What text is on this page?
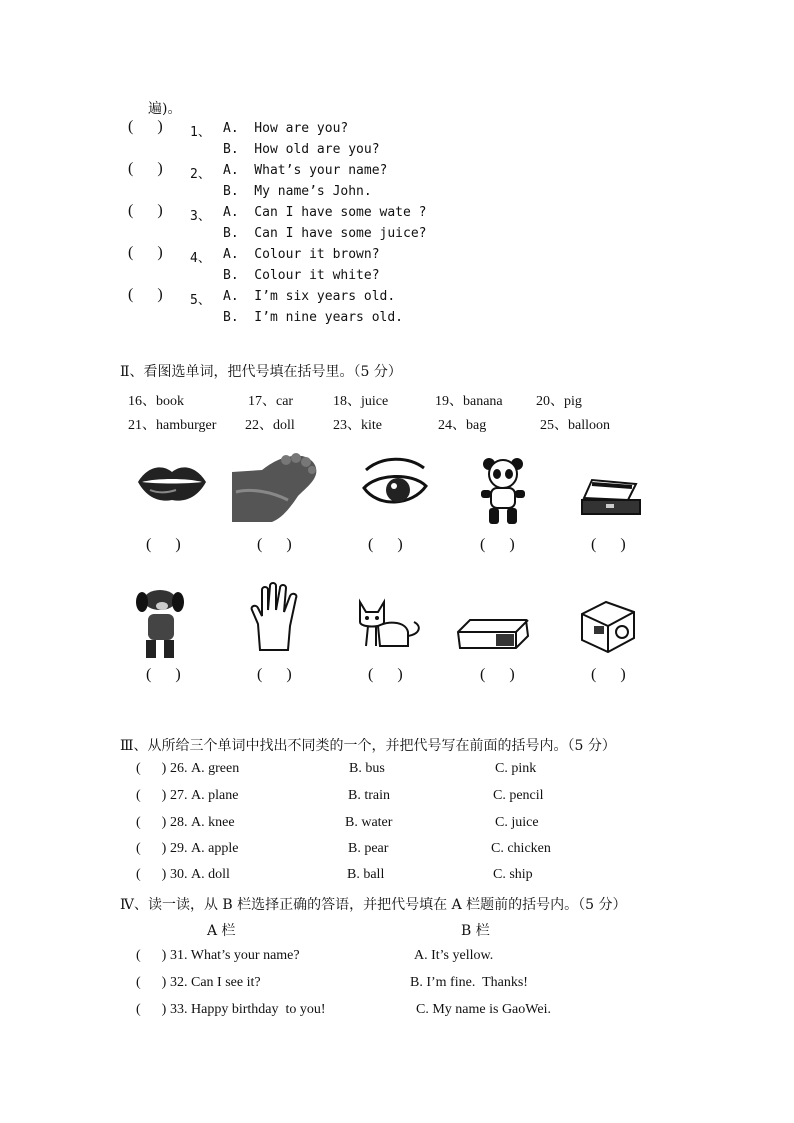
遍)。
(      ) 1、 A.  How are you?
B.  How old are you?
(      ) 2、 A.  What’s your name?
B.  My name’s John.
(      ) 3、 A.  Can I have some wate ?
B.  Can I have some juice?
(      ) 4、 A.  Colour it brown?
B.  Colour it white?
(      ) 5、 A.  I’m six years old.
B.  I’m nine years old.
Ⅱ、看图选单词，把代号填在括号里。（5 分）
16、book	17、car	18、juice	19、banana 20、pig
21、hamburger 22、doll	23、kite	24、bag	25、balloon
(      )	(      )	(      )	(      )	(      )
(      )	(      )	(      )	(      )	(      )
Ⅲ、从所给三个单词中找出不同类的一个，并把代号写在前面的括号内。（5 分）
(      ) 26. A. green	B. bus	C. pink
(      ) 27. A. plane	B. train	C. pencil
(      ) 28. A. knee	B. water	C. juice
(      ) 29. A. apple	B. pear	C. chicken
(      ) 30. A. doll	B. ball	C. ship
Ⅳ、读一读，从 B 栏选择正确的答语，并把代号填在 A 栏题前的括号内。（5 分）
A 栏	B 栏
(      ) 31. What’s your name?	A. It’s yellow.
(      ) 32. Can I see it?	B. I’m fine.  Thanks!
(      ) 33. Happy birthday  to you!	C. My name is GaoWei.
